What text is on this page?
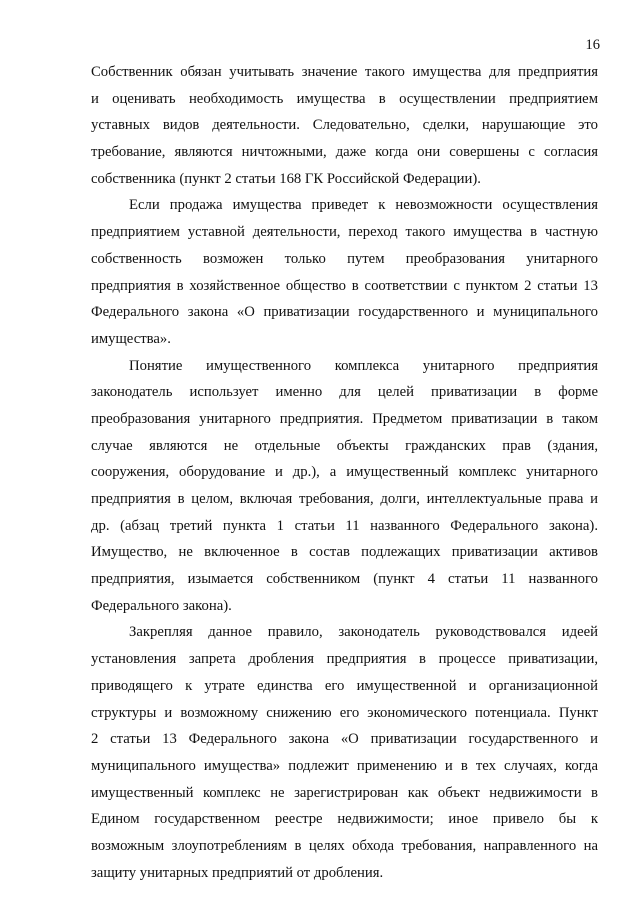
16
Собственник обязан учитывать значение такого имущества для предприятия
и оценивать необходимость имущества в осуществлении предприятием
уставных видов деятельности. Следовательно, сделки, нарушающие это
требование, являются ничтожными, даже когда они совершены с согласия
собственника (пункт 2 статьи 168 ГК Российской Федерации).
Если продажа имущества приведет к невозможности осуществления
предприятием уставной деятельности, переход такого имущества в частную
собственность возможен только путем преобразования унитарного
предприятия в хозяйственное общество в соответствии с пунктом 2 статьи 13
Федерального закона «О приватизации государственного и муниципального
имущества».
Понятие имущественного комплекса унитарного предприятия
законодатель использует именно для целей приватизации в форме
преобразования унитарного предприятия. Предметом приватизации в таком
случае являются не отдельные объекты гражданских прав (здания,
сооружения, оборудование и др.), а имущественный комплекс унитарного
предприятия в целом, включая требования, долги, интеллектуальные права и
др. (абзац третий пункта 1 статьи 11 названного Федерального закона).
Имущество, не включенное в состав подлежащих приватизации активов
предприятия, изымается собственником (пункт 4 статьи 11 названного
Федерального закона).
Закрепляя данное правило, законодатель руководствовался идеей
установления запрета дробления предприятия в процессе приватизации,
приводящего к утрате единства его имущественной и организационной
структуры и возможному снижению его экономического потенциала. Пункт
2 статьи 13 Федерального закона «О приватизации государственного и
муниципального имущества» подлежит применению и в тех случаях, когда
имущественный комплекс не зарегистрирован как объект недвижимости в
Едином государственном реестре недвижимости; иное привело бы к
возможным злоупотреблениям в целях обхода требования, направленного на
защиту унитарных предприятий от дробления.
